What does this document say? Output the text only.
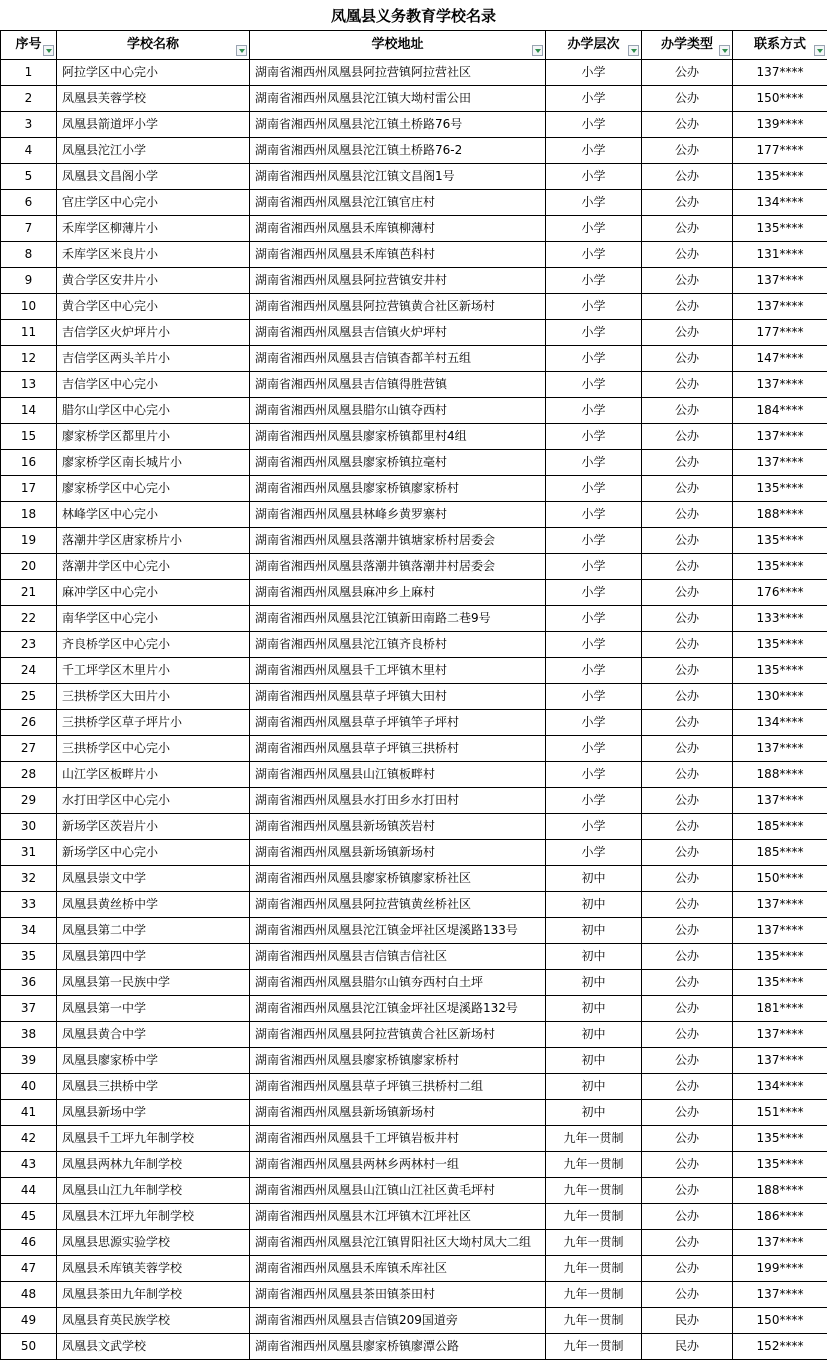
凤凰县义务教育学校名录
序号	学校名称	学校地址	办学层次	办学类型	联系方式

1	阿拉学区中心完小	湖南省湘西州凤凰县阿拉营镇阿拉营社区	小学	公办	137****
2	凤凰县芙蓉学校	湖南省湘西州凤凰县沱江镇大坳村雷公田	小学	公办	150****
3	凤凰县箭道坪小学	湖南省湘西州凤凰县沱江镇土桥路76号	小学	公办	139****
4	凤凰县沱江小学	湖南省湘西州凤凰县沱江镇土桥路76-2	小学	公办	177****
5	凤凰县文昌阁小学	湖南省湘西州凤凰县沱江镇文昌阁1号	小学	公办	135****
6	官庄学区中心完小	湖南省湘西州凤凰县沱江镇官庄村	小学	公办	134****
7	禾库学区柳薄片小	湖南省湘西州凤凰县禾库镇柳薄村	小学	公办	135****
8	禾库学区米良片小	湖南省湘西州凤凰县禾库镇芭科村	小学	公办	131****
9	黄合学区安井片小	湖南省湘西州凤凰县阿拉营镇安井村	小学	公办	137****
10	黄合学区中心完小	湖南省湘西州凤凰县阿拉营镇黄合社区新场村	小学	公办	137****
11	吉信学区火炉坪片小	湖南省湘西州凤凰县吉信镇火炉坪村	小学	公办	177****
12	吉信学区两头羊片小	湖南省湘西州凤凰县吉信镇杳都羊村五组	小学	公办	147****
13	吉信学区中心完小	湖南省湘西州凤凰县吉信镇得胜营镇	小学	公办	137****
14	腊尔山学区中心完小	湖南省湘西州凤凰县腊尔山镇夺西村	小学	公办	184****
15	廖家桥学区都里片小	湖南省湘西州凤凰县廖家桥镇都里村4组	小学	公办	137****
16	廖家桥学区南长城片小	湖南省湘西州凤凰县廖家桥镇拉毫村	小学	公办	137****
17	廖家桥学区中心完小	湖南省湘西州凤凰县廖家桥镇廖家桥村	小学	公办	135****
18	林峰学区中心完小	湖南省湘西州凤凰县林峰乡黄罗寨村	小学	公办	188****
19	落潮井学区唐家桥片小	湖南省湘西州凤凰县落潮井镇塘家桥村居委会	小学	公办	135****
20	落潮井学区中心完小	湖南省湘西州凤凰县落潮井镇落潮井村居委会	小学	公办	135****
21	麻冲学区中心完小	湖南省湘西州凤凰县麻冲乡上麻村	小学	公办	176****
22	南华学区中心完小	湖南省湘西州凤凰县沱江镇新田南路二巷9号	小学	公办	133****
23	齐良桥学区中心完小	湖南省湘西州凤凰县沱江镇齐良桥村	小学	公办	135****
24	千工坪学区木里片小	湖南省湘西州凤凰县千工坪镇木里村	小学	公办	135****
25	三拱桥学区大田片小	湖南省湘西州凤凰县草子坪镇大田村	小学	公办	130****
26	三拱桥学区草子坪片小	湖南省湘西州凤凰县草子坪镇竿子坪村	小学	公办	134****
27	三拱桥学区中心完小	湖南省湘西州凤凰县草子坪镇三拱桥村	小学	公办	137****
28	山江学区板畔片小	湖南省湘西州凤凰县山江镇板畔村	小学	公办	188****
29	水打田学区中心完小	湖南省湘西州凤凰县水打田乡水打田村	小学	公办	137****
30	新场学区茨岩片小	湖南省湘西州凤凰县新场镇茨岩村	小学	公办	185****
31	新场学区中心完小	湖南省湘西州凤凰县新场镇新场村	小学	公办	185****
32	凤凰县崇文中学	湖南省湘西州凤凰县廖家桥镇廖家桥社区	初中	公办	150****
33	凤凰县黄丝桥中学	湖南省湘西州凤凰县阿拉营镇黄丝桥社区	初中	公办	137****
34	凤凰县第二中学	湖南省湘西州凤凰县沱江镇金坪社区堤溪路133号	初中	公办	137****
35	凤凰县第四中学	湖南省湘西州凤凰县吉信镇吉信社区	初中	公办	135****
36	凤凰县第一民族中学	湖南省湘西州凤凰县腊尔山镇夯西村白土坪	初中	公办	135****
37	凤凰县第一中学	湖南省湘西州凤凰县沱江镇金坪社区堤溪路132号	初中	公办	181****
38	凤凰县黄合中学	湖南省湘西州凤凰县阿拉营镇黄合社区新场村	初中	公办	137****
39	凤凰县廖家桥中学	湖南省湘西州凤凰县廖家桥镇廖家桥村	初中	公办	137****
40	凤凰县三拱桥中学	湖南省湘西州凤凰县草子坪镇三拱桥村二组	初中	公办	134****
41	凤凰县新场中学	湖南省湘西州凤凰县新场镇新场村	初中	公办	151****
42	凤凰县千工坪九年制学校	湖南省湘西州凤凰县千工坪镇岩板井村	九年一贯制	公办	135****
43	凤凰县两林九年制学校	湖南省湘西州凤凰县两林乡两林村一组	九年一贯制	公办	135****
44	凤凰县山江九年制学校	湖南省湘西州凤凰县山江镇山江社区黄毛坪村	九年一贯制	公办	188****
45	凤凰县木江坪九年制学校	湖南省湘西州凤凰县木江坪镇木江坪社区	九年一贯制	公办	186****
46	凤凰县思源实验学校	湖南省湘西州凤凰县沱江镇胃阳社区大坳村凤大二组	九年一贯制	公办	137****
47	凤凰县禾库镇芙蓉学校	湖南省湘西州凤凰县禾库镇禾库社区	九年一贯制	公办	199****
48	凤凰县茶田九年制学校	湖南省湘西州凤凰县茶田镇茶田村	九年一贯制	公办	137****
49	凤凰县育英民族学校	湖南省湘西州凤凰县吉信镇209国道旁	九年一贯制	民办	150****
50	凤凰县文武学校	湖南省湘西州凤凰县廖家桥镇廖潭公路	九年一贯制	民办	152****
